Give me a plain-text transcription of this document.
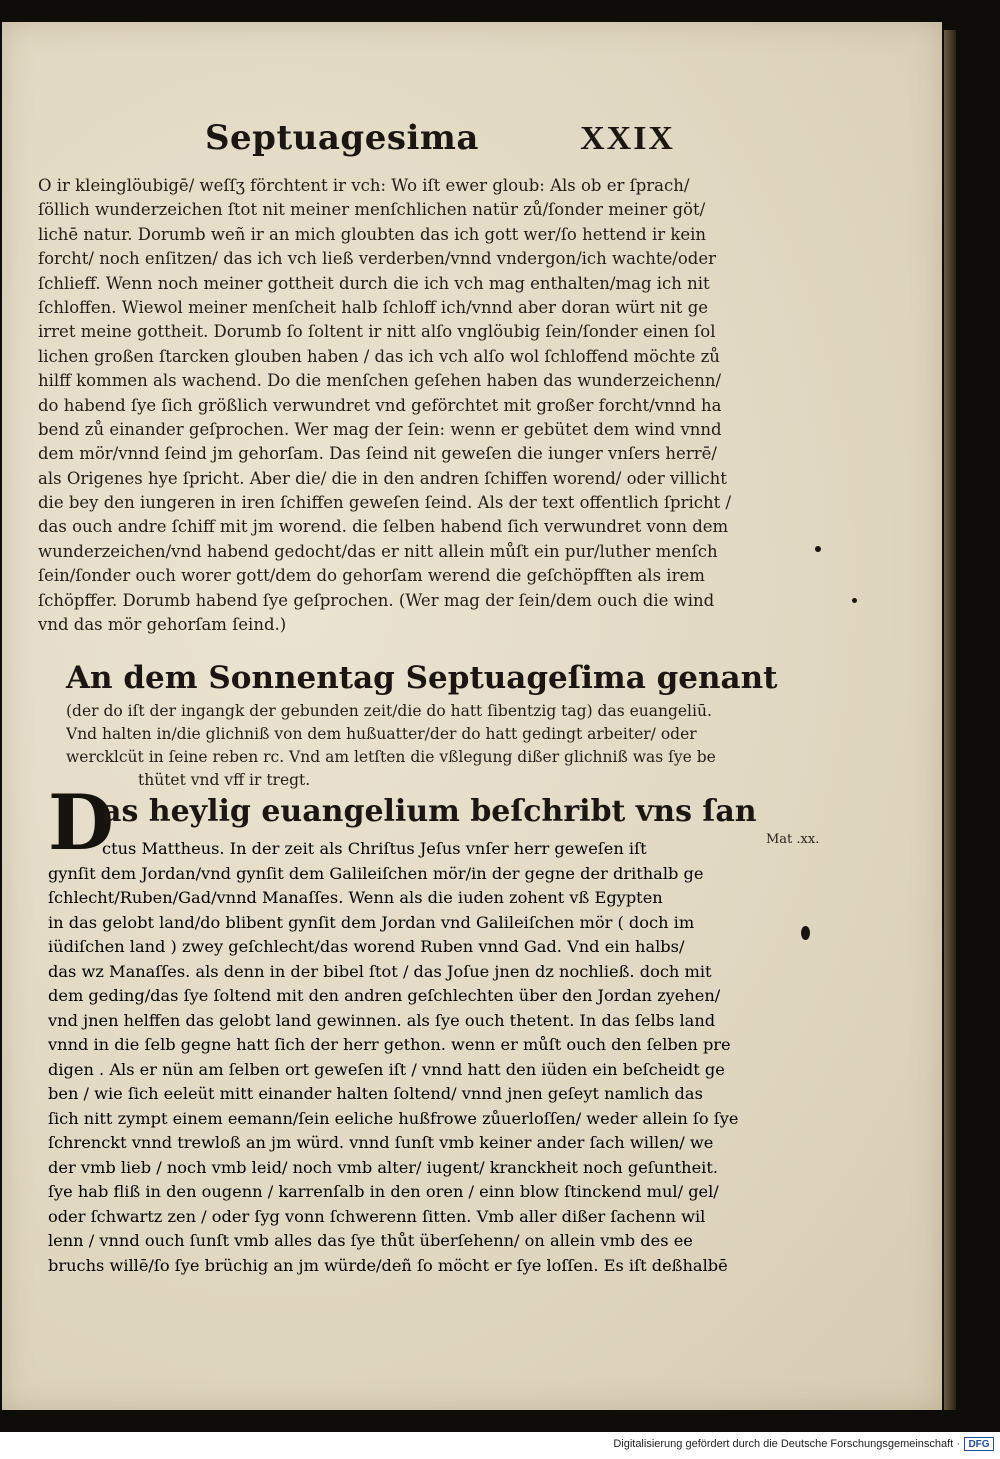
Septuagesima	XXIX
O ir kleinglöubigē/ weſſʒ förchtent ir vch: Wo iſt ewer gloub: Als ob er ſprach/
ſöllich wunderzeichen ſtot nit meiner menſchlichen natür zů/ſonder meiner göt/
lichē natur. Dorumb weñ ir an mich gloubten das ich gott wer/ſo hettend ir kein
forcht/ noch enſitzen/ das ich vch ließ verderben/vnnd vndergon/ich wachte/oder
ſchlieff. Wenn noch meiner gottheit durch die ich vch mag enthalten/mag ich nit
ſchloffen. Wiewol meiner menſcheit halb ſchloff ich/vnnd aber doran würt nit ge
irret meine gottheit. Dorumb ſo ſoltent ir nitt alſo vnglöubig ſein/ſonder einen ſol
lichen großen ſtarcken glouben haben / das ich vch alſo wol ſchloffend möchte zů
hilff kommen als wachend. Do die menſchen geſehen haben das wunderzeichenn/
do habend ſye ſich größlich verwundret vnd geförchtet mit großer forcht/vnnd ha
bend zů einander geſprochen. Wer mag der ſein: wenn er gebütet dem wind vnnd
dem mör/vnnd ſeind jm gehorſam. Das ſeind nit geweſen die iunger vnſers herrē/
als Origenes hye ſpricht. Aber die/ die in den andren ſchiffen worend/ oder villicht
die bey den iungeren in iren ſchiffen geweſen ſeind. Als der text offentlich ſpricht /
das ouch andre ſchiff mit jm worend. die ſelben habend ſich verwundret vonn dem
wunderzeichen/vnd habend gedocht/das er nitt allein můſt ein pur/luther menſch
ſein/ſonder ouch worer gott/dem do gehorſam werend die geſchöpfften als irem
ſchöpffer. Dorumb habend ſye geſprochen. (Wer mag der ſein/dem ouch die wind
vnd das mör gehorſam ſeind.)
An dem Sonnentag Septuageſima genant
(der do iſt der ingangk der gebunden zeit/die do hatt ſibentzig tag) das euangeliū.
Vnd halten in/die glichniß von dem hußuatter/der do hatt gedingt arbeiter/ oder
wercklcüt in ſeine reben rc. Vnd am letſten die vßlegung dißer glichniß was ſye be
thütet vnd vff ir tregt.
D
as heylig euangelium beſchribt vns ſan
ctus Mattheus. In der zeit als Chriſtus Jeſus vnſer herr geweſen iſt
gynſit dem Jordan/vnd gynſit dem Galileiſchen mör/in der gegne der drithalb ge
ſchlecht/Ruben/Gad/vnnd Manaſſes. Wenn als die iuden zohent vß Egypten
in das gelobt land/do blibent gynſit dem Jordan vnd Galileiſchen mör ( doch im
iüdiſchen land ) zwey geſchlecht/das worend Ruben vnnd Gad. Vnd ein halbs/
das wz Manaſſes. als denn in der bibel ſtot / das Joſue jnen dz nochließ. doch mit
dem geding/das ſye ſoltend mit den andren geſchlechten über den Jordan zyehen/
vnd jnen helffen das gelobt land gewinnen. als ſye ouch thetent. In das ſelbs land
vnnd in die ſelb gegne hatt ſich der herr gethon. wenn er můſt ouch den ſelben pre
digen . Als er nün am ſelben ort geweſen iſt / vnnd hatt den iüden ein beſcheidt ge
ben / wie ſich eeleüt mitt einander halten ſoltend/ vnnd jnen geſeyt namlich das
ſich nitt zympt einem eemann/ſein eeliche hußfrowe zůuerloſſen/ weder allein ſo ſye
ſchrenckt vnnd trewloß an jm würd. vnnd ſunſt vmb keiner ander ſach willen/ we
der vmb lieb / noch vmb leid/ noch vmb alter/ iugent/ kranckheit noch geſuntheit.
ſye hab fliß in den ougenn / karrenſalb in den oren / einn blow ſtinckend mul/ gel/
oder ſchwartz zen / oder ſyg vonn ſchwerenn ſitten. Vmb aller dißer ſachenn wil
lenn / vnnd ouch ſunſt vmb alles das ſye thůt überſehenn/ on allein vmb des ee
bruchs willē/ſo ſye brüchig an jm würde/deñ ſo möcht er ſye loſſen. Es iſt deßhalbē
Mat .xx.
Digitalisierung gefördert durch die Deutsche Forschungsgemeinschaft · DFG
